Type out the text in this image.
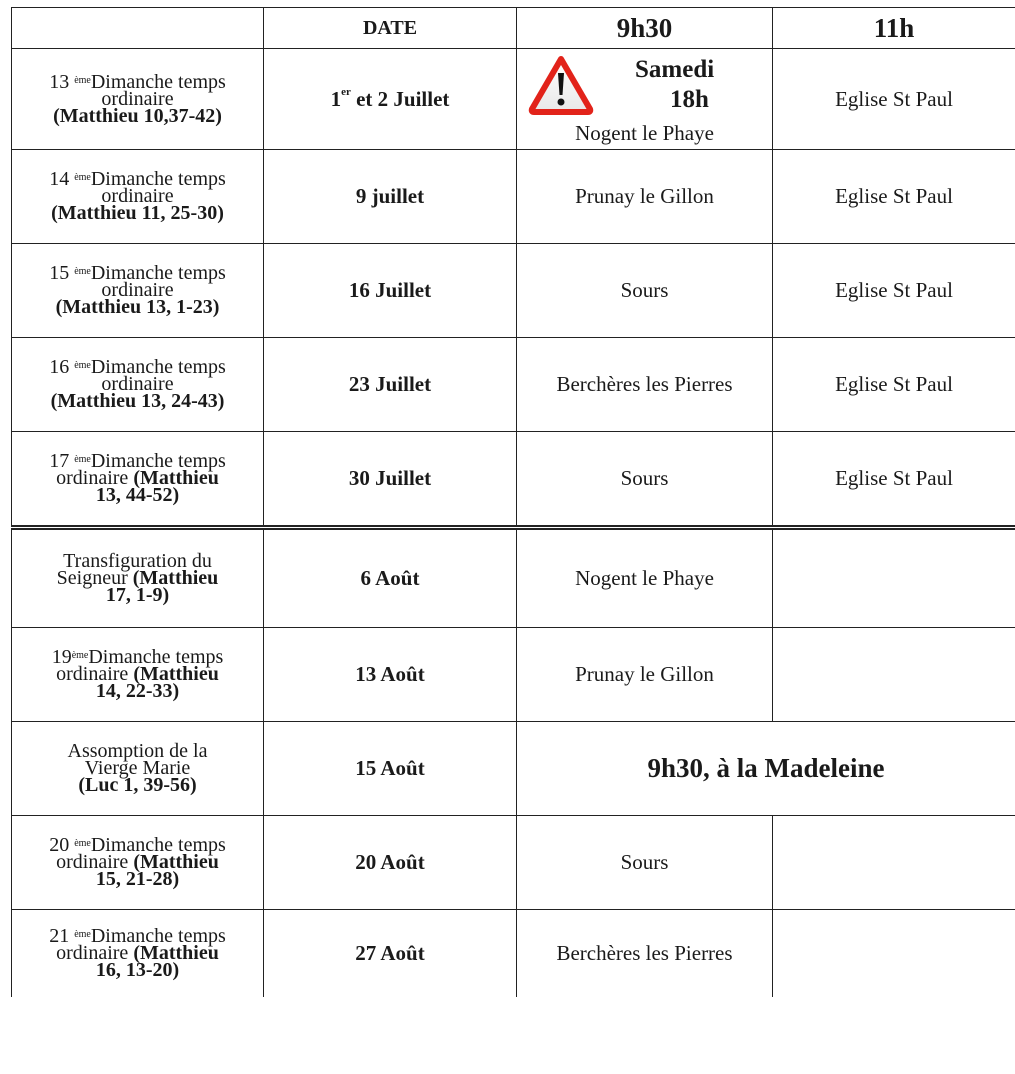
	DATE	9h30	11h
13 $^{ème}$Dimanche temps
ordinaire
(Matthieu 10,37-42)	1er et 2 Juillet	Samedi
18h
Nogent le Phaye	Eglise St Paul
14 $^{ème}$Dimanche temps
ordinaire
(Matthieu 11, 25-30)	9 juillet	Prunay le Gillon	Eglise St Paul
15 $^{ème}$Dimanche temps
ordinaire
(Matthieu 13, 1-23)	16 Juillet	Sours	Eglise St Paul
16 $^{ème}$Dimanche temps
ordinaire
(Matthieu 13, 24-43)	23 Juillet	Berchères les Pierres	Eglise St Paul
17 $^{ème}$Dimanche temps
ordinaire (Matthieu
13, 44-52)	30 Juillet	Sours	Eglise St Paul
Transfiguration du
Seigneur (Matthieu
17, 1-9)	6 Août	Nogent le Phaye	
19èmeDimanche temps
ordinaire (Matthieu
14, 22-33)	13 Août	Prunay le Gillon	
Assomption de la
Vierge Marie
(Luc 1, 39-56)	15 Août	9h30, à la Madeleine	
20 $^{ème}$Dimanche temps
ordinaire (Matthieu
15, 21-28)	20 Août	Sours	
21 $^{ème}$Dimanche temps
ordinaire (Matthieu
16, 13-20)	27 Août	Berchères les Pierres	
